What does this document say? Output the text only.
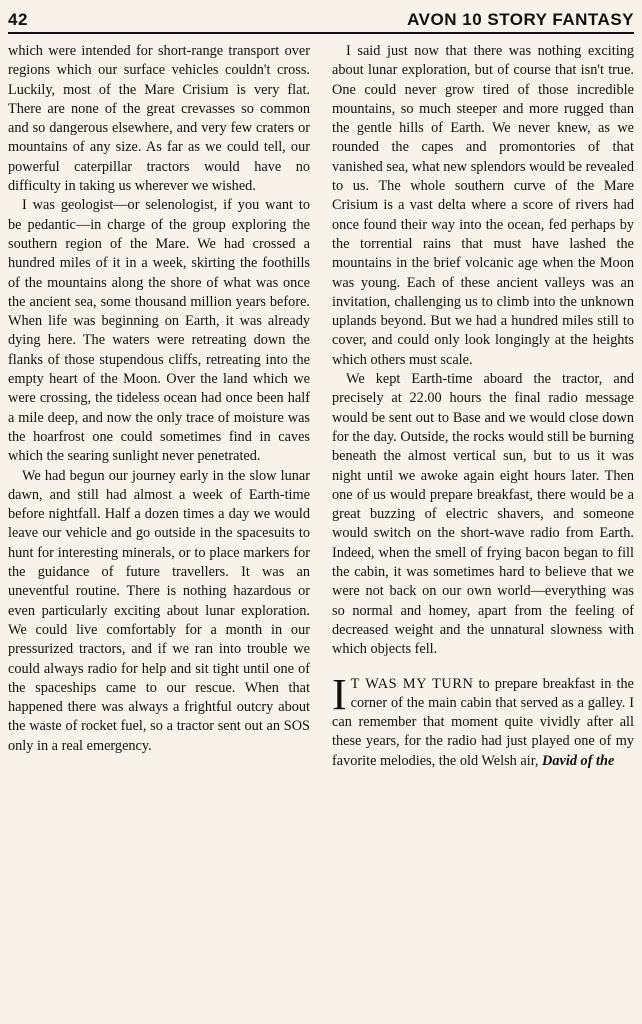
42	AVON 10 STORY FANTASY

which were intended for short-range transport over regions which our surface vehicles couldn't cross. Luckily, most of the Mare Crisium is very flat. There are none of the great crevasses so common and so dangerous elsewhere, and very few craters or mountains of any size. As far as we could tell, our powerful caterpillar tractors would have no difficulty in taking us wherever we wished.

I was geologist—or selenologist, if you want to be pedantic—in charge of the group exploring the southern region of the Mare. We had crossed a hundred miles of it in a week, skirting the foothills of the mountains along the shore of what was once the ancient sea, some thousand million years before. When life was beginning on Earth, it was already dying here. The waters were retreating down the flanks of those stupendous cliffs, retreating into the empty heart of the Moon. Over the land which we were crossing, the tideless ocean had once been half a mile deep, and now the only trace of moisture was the hoarfrost one could sometimes find in caves which the searing sunlight never penetrated.

We had begun our journey early in the slow lunar dawn, and still had almost a week of Earth-time before nightfall. Half a dozen times a day we would leave our vehicle and go outside in the spacesuits to hunt for interesting minerals, or to place markers for the guidance of future travellers. It was an uneventful routine. There is nothing hazardous or even particularly exciting about lunar exploration. We could live comfortably for a month in our pressurized tractors, and if we ran into trouble we could always radio for help and sit tight until one of the spaceships came to our rescue. When that happened there was always a frightful outcry about the waste of rocket fuel, so a tractor sent out an SOS only in a real emergency.

I said just now that there was nothing exciting about lunar exploration, but of course that isn't true. One could never grow tired of those incredible mountains, so much steeper and more rugged than the gentle hills of Earth. We never knew, as we rounded the capes and promontories of that vanished sea, what new splendors would be revealed to us. The whole southern curve of the Mare Crisium is a vast delta where a score of rivers had once found their way into the ocean, fed perhaps by the torrential rains that must have lashed the mountains in the brief volcanic age when the Moon was young. Each of these ancient valleys was an invitation, challenging us to climb into the unknown uplands beyond. But we had a hundred miles still to cover, and could only look longingly at the heights which others must scale.

We kept Earth-time aboard the tractor, and precisely at 22.00 hours the final radio message would be sent out to Base and we would close down for the day. Outside, the rocks would still be burning beneath the almost vertical sun, but to us it was night until we awoke again eight hours later. Then one of us would prepare breakfast, there would be a great buzzing of electric shavers, and someone would switch on the short-wave radio from Earth. Indeed, when the smell of frying bacon began to fill the cabin, it was sometimes hard to believe that we were not back on our own world—everything was so normal and homey, apart from the feeling of decreased weight and the unnatural slowness with which objects fell.

I T WAS MY TURN to prepare breakfast in the corner of the main cabin that served as a galley. I can remember that moment quite vividly after all these years, for the radio had just played one of my favorite melodies, the old Welsh air, David of the
